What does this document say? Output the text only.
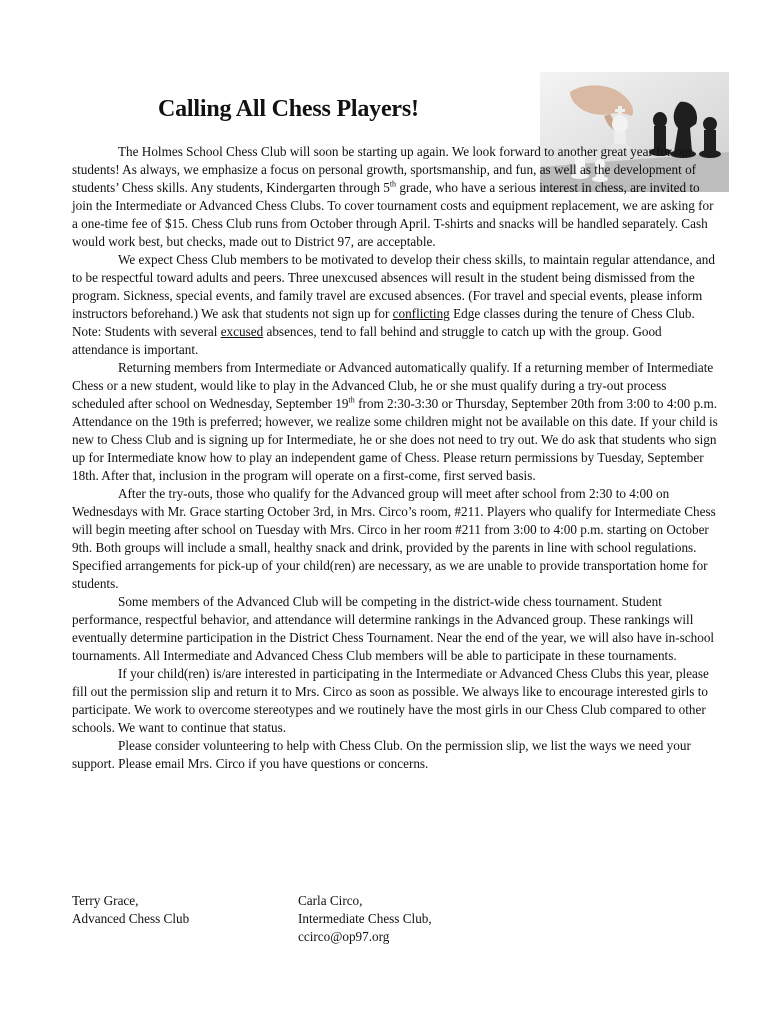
Calling All Chess Players!

The Holmes School Chess Club will soon be starting up again. We look forward to another great year for our students! As always, we emphasize a focus on personal growth, sportsmanship, and fun, as well as the development of students’ Chess skills. Any students, Kindergarten through 5th grade, who have a serious interest in chess, are invited to join the Intermediate or Advanced Chess Clubs. To cover tournament costs and equipment replacement, we are asking for a one-time fee of $15. Chess Club runs from October through April. T-shirts and snacks will be handled separately. Cash would work best, but checks, made out to District 97, are acceptable.

We expect Chess Club members to be motivated to develop their chess skills, to maintain regular attendance, and to be respectful toward adults and peers. Three unexcused absences will result in the student being dismissed from the program. Sickness, special events, and family travel are excused absences. (For travel and special events, please inform instructors beforehand.) We ask that students not sign up for conflicting Edge classes during the tenure of Chess Club. Note: Students with several excused absences, tend to fall behind and struggle to catch up with the group. Good attendance is important.

Returning members from Intermediate or Advanced automatically qualify. If a returning member of Intermediate Chess or a new student, would like to play in the Advanced Club, he or she must qualify during a try-out process scheduled after school on Wednesday, September 19th from 2:30-3:30 or Thursday, September 20th from 3:00 to 4:00 p.m. Attendance on the 19th is preferred; however, we realize some children might not be available on this date. If your child is new to Chess Club and is signing up for Intermediate, he or she does not need to try out. We do ask that students who sign up for Intermediate know how to play an independent game of Chess. Please return permissions by Tuesday, September 18th. After that, inclusion in the program will operate on a first-come, first served basis.

After the try-outs, those who qualify for the Advanced group will meet after school from 2:30 to 4:00 on Wednesdays with Mr. Grace starting October 3rd, in Mrs. Circo’s room, #211. Players who qualify for Intermediate Chess will begin meeting after school on Tuesday with Mrs. Circo in her room #211 from 3:00 to 4:00 p.m. starting on October 9th. Both groups will include a small, healthy snack and drink, provided by the parents in line with school regulations. Specified arrangements for pick-up of your child(ren) are necessary, as we are unable to provide transportation home for students.

Some members of the Advanced Club will be competing in the district-wide chess tournament. Student performance, respectful behavior, and attendance will determine rankings in the Advanced group. These rankings will eventually determine participation in the District Chess Tournament. Near the end of the year, we will also have in-school tournaments. All Intermediate and Advanced Chess Club members will be able to participate in these tournaments.

If your child(ren) is/are interested in participating in the Intermediate or Advanced Chess Clubs this year, please fill out the permission slip and return it to Mrs. Circo as soon as possible. We always like to encourage interested girls to participate. We work to overcome stereotypes and we routinely have the most girls in our Chess Club compared to other schools. We want to continue that status.

Please consider volunteering to help with Chess Club. On the permission slip, we list the ways we need your support. Please email Mrs. Circo if you have questions or concerns.

Terry Grace,
Advanced Chess Club
Carla Circo,
Intermediate Chess Club,
ccirco@op97.org
